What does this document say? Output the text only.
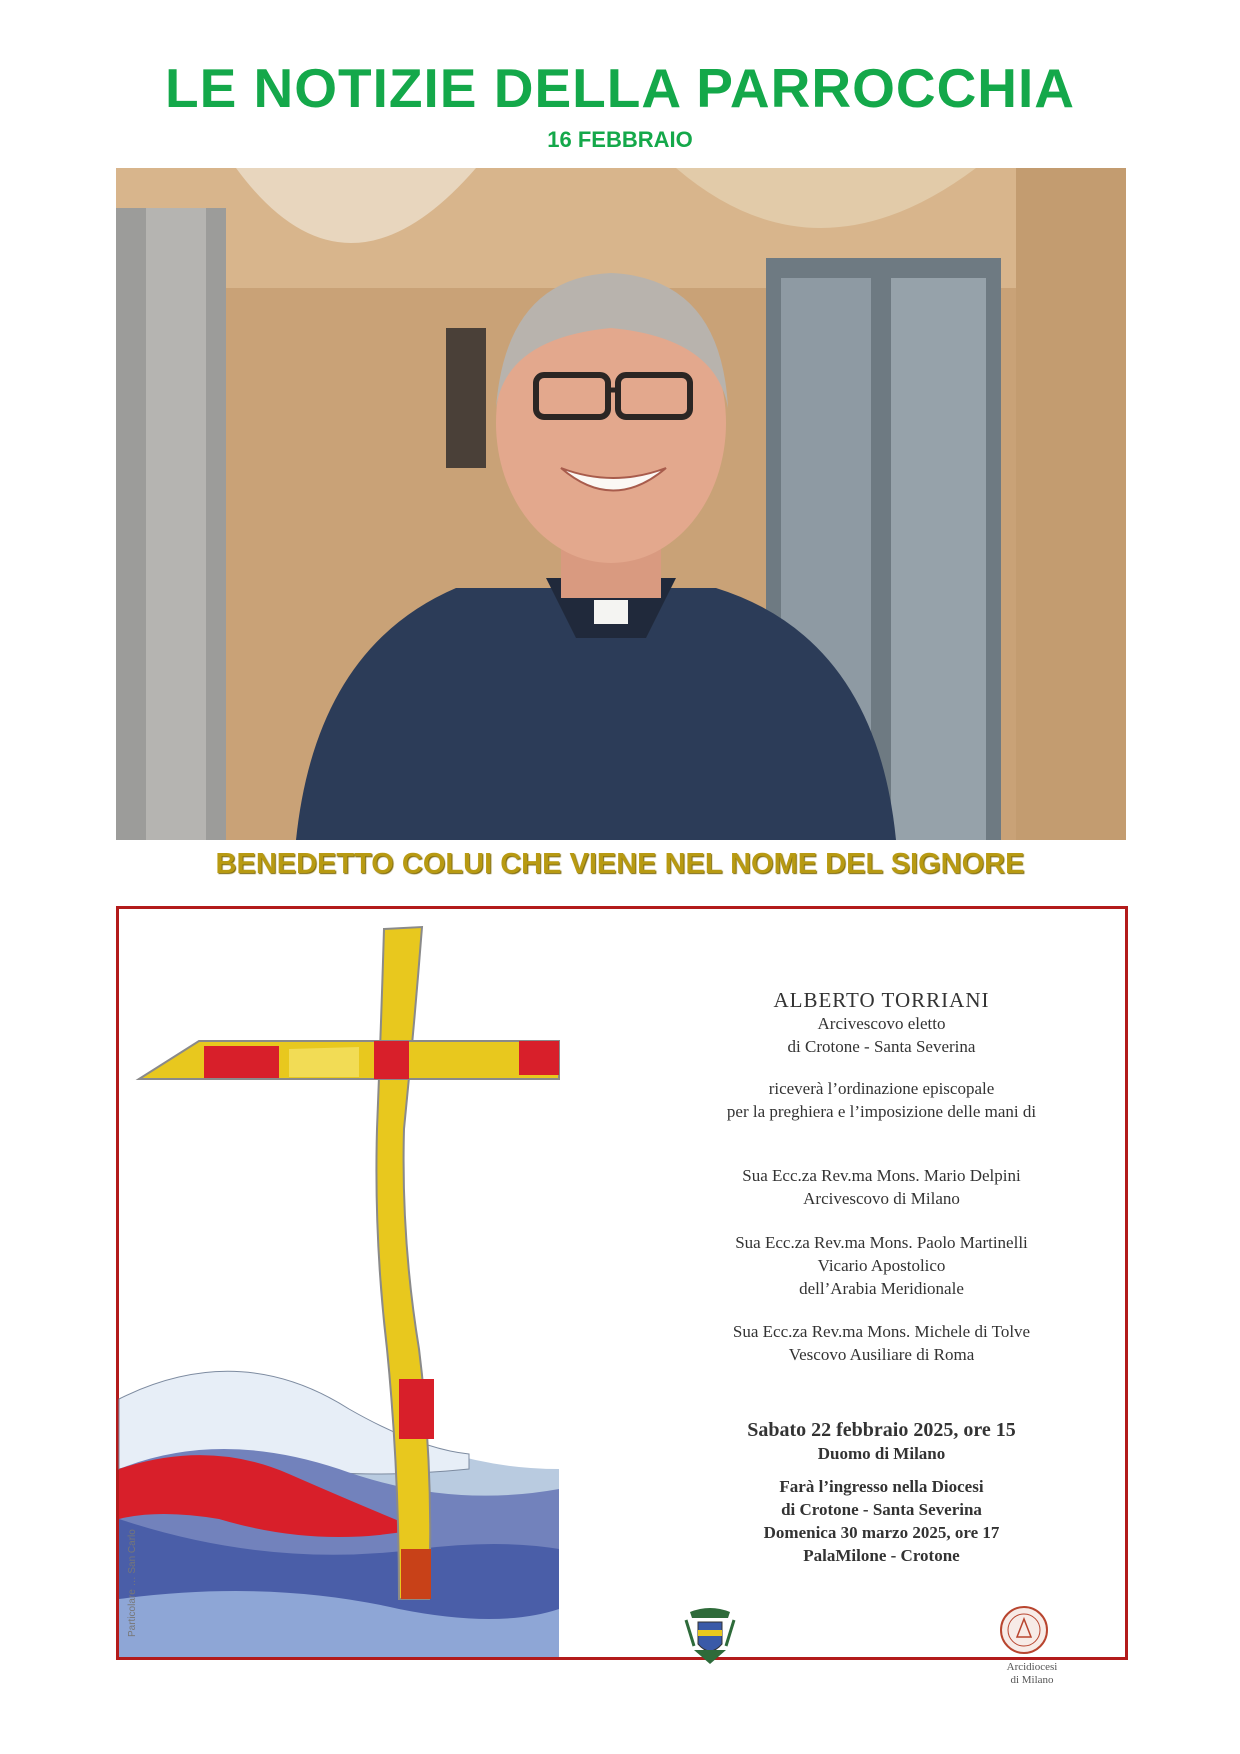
LE NOTIZIE DELLA PARROCCHIA
16 FEBBRAIO
BENEDETTO COLUI CHE VIENE NEL NOME DEL SIGNORE
Particolare … San Carlo
ALBERTO TORRIANI
Arcivescovo eletto
di Crotone - Santa Severina
riceverà l’ordinazione episcopale
per la preghiera e l’imposizione delle mani di
Sua Ecc.za Rev.ma Mons. Mario Delpini
Arcivescovo di Milano
Sua Ecc.za Rev.ma Mons. Paolo Martinelli
Vicario Apostolico
dell’Arabia Meridionale
Sua Ecc.za Rev.ma Mons. Michele di Tolve
Vescovo Ausiliare di Roma
Sabato 22 febbraio 2025, ore 15
Duomo di Milano
Farà l’ingresso nella Diocesi
di Crotone - Santa Severina
Domenica 30 marzo 2025, ore 17
PalaMilone - Crotone
Arcidiocesi
di Milano
